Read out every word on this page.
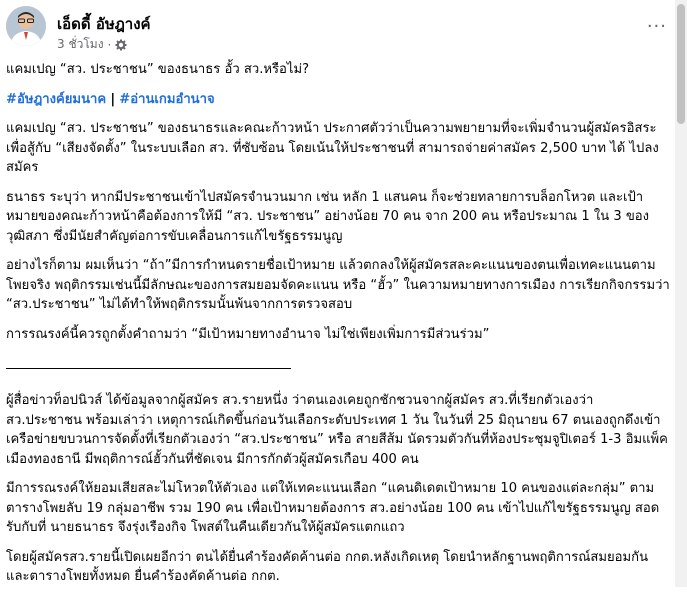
เอ็ดดี้ อัษฎางค์
3 ชั่วโมง ·
···

แคมเปญ “สว. ประชาชน” ของธนาธร อั้ว สว.หรือไม่?

#อัษฎางค์ยมนาค | #อ่านเกมอำนาจ

แคมเปญ “สว. ประชาชน” ของธนาธรและคณะก้าวหน้า ประกาศตัวว่าเป็นความพยายามที่จะเพิ่มจำนวนผู้สมัครอิสระ เพื่อสู้กับ “เสียงจัดตั้ง” ในระบบเลือก สว. ที่ซับซ้อน โดยเน้นให้ประชาชนที่ สามารถจ่ายค่าสมัคร 2,500 บาท ได้ ไปลงสมัคร

ธนาธร ระบุว่า หากมีประชาชนเข้าไปสมัครจำนวนมาก เช่น หลัก 1 แสนคน ก็จะช่วยทลายการบล็อกโหวต และเป้าหมายของคณะก้าวหน้าคือต้องการให้มี “สว. ประชาชน” อย่างน้อย 70 คน จาก 200 คน หรือประมาณ 1 ใน 3 ของวุฒิสภา ซึ่งมีนัยสำคัญต่อการขับเคลื่อนการแก้ไขรัฐธรรมนูญ

อย่างไรก็ตาม ผมเห็นว่า “ถ้า”มีการกำหนดรายชื่อเป้าหมาย แล้วตกลงให้ผู้สมัครสละคะแนนของตนเพื่อเทคะแนนตามโพยจริง พฤติกรรมเช่นนี้มีลักษณะของการสมยอมจัดคะแนน หรือ “ฮั้ว” ในความหมายทางการเมือง การเรียกกิจกรรมว่า “สว.ประชาชน” ไม่ได้ทำให้พฤติกรรมนั้นพ้นจากการตรวจสอบ

การรณรงค์นี้ควรถูกตั้งคำถามว่า “มีเป้าหมายทางอำนาจ ไม่ใช่เพียงเพิ่มการมีส่วนร่วม”

ผู้สื่อข่าวท็อปนิวส์ ได้ข้อมูลจากผู้สมัคร สว.รายหนึ่ง ว่าตนเองเคยถูกชักชวนจากผู้สมัคร สว.ที่เรียกตัวเองว่า สว.ประชาชน พร้อมเล่าว่า เหตุการณ์เกิดขึ้นก่อนวันเลือกระดับประเทศ 1 วัน ในวันที่ 25 มิถุนายน 67 ตนเองถูกดึงเข้าเครือข่ายขบวนการจัดตั้งที่เรียกตัวเองว่า “สว.ประชาชน” หรือ สายสีส้ม นัดรวมตัวกันที่ห้องประชุมจูปิเตอร์ 1-3 อิมแพ็ค เมืองทองธานี มีพฤติการณ์ฮั้วกันที่ชัดเจน มีการกักตัวผู้สมัครเกือบ 400 คน

มีการรณรงค์ให้ยอมเสียสละไม่โหวตให้ตัวเอง แต่ให้เทคะแนนเลือก “แคนดิเดตเป้าหมาย 10 คนของแต่ละกลุ่ม” ตามตารางโพยลับ 19 กลุ่มอาชีพ รวม 190 คน เพื่อเป้าหมายต้องการ สว.อย่างน้อย 100 คน เข้าไปแก้ไขรัฐธรรมนูญ สอดรับกับที่ นายธนาธร จึงรุ่งเรืองกิจ โพสต์ในคืนเดียวกันให้ผู้สมัครแตกแถว

โดยผู้สมัครสว.รายนี้เปิดเผยอีกว่า ตนได้ยื่นคำร้องคัดค้านต่อ กกต.หลังเกิดเหตุ โดยนำหลักฐานพฤติการณ์สมยอมกัน และตารางโพยทั้งหมด ยื่นคำร้องคัดค้านต่อ กกต.
